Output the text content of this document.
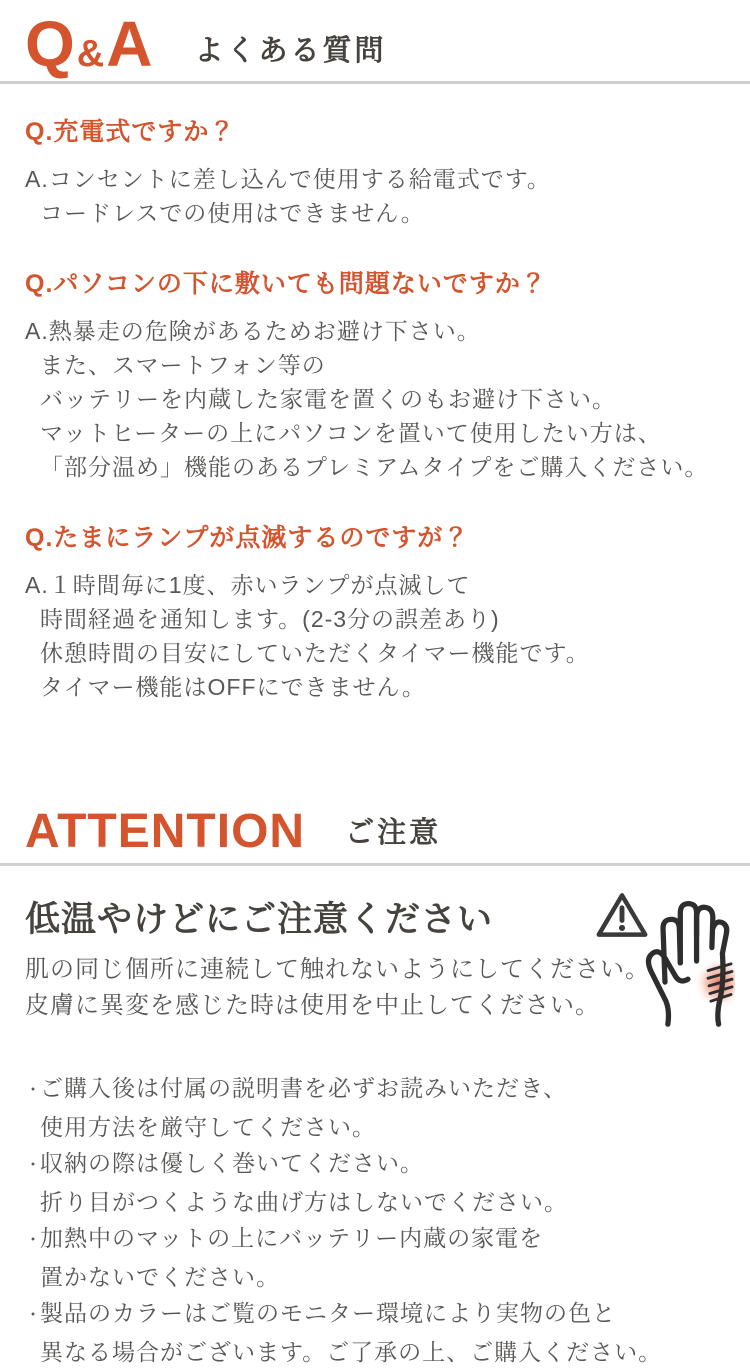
Q&A よくある質問
Q.充電式ですか？
A.コンセントに差し込んで使用する給電式です。
コードレスでの使用はできません。
Q.パソコンの下に敷いても問題ないですか？
A.熱暴走の危険があるためお避け下さい。
また、スマートフォン等の
バッテリーを内蔵した家電を置くのもお避け下さい。
マットヒーターの上にパソコンを置いて使用したい方は、
「部分温め」機能のあるプレミアムタイプをご購入ください。
Q.たまにランプが点滅するのですが？
A.１時間毎に1度、赤いランプが点滅して
時間経過を通知します。(2-3分の誤差あり)
休憩時間の目安にしていただくタイマー機能です。
タイマー機能はOFFにできません。
ATTENTION ご注意
低温やけどにご注意ください
肌の同じ個所に連続して触れないようにしてください。
皮膚に異変を感じた時は使用を中止してください。
・ご購入後は付属の説明書を必ずお読みいただき、
使用方法を厳守してください。
・収納の際は優しく巻いてください。
折り目がつくような曲げ方はしないでください。
・加熱中のマットの上にバッテリー内蔵の家電を
置かないでください。
・製品のカラーはご覧のモニター環境により実物の色と
異なる場合がございます。ご了承の上、ご購入ください。
